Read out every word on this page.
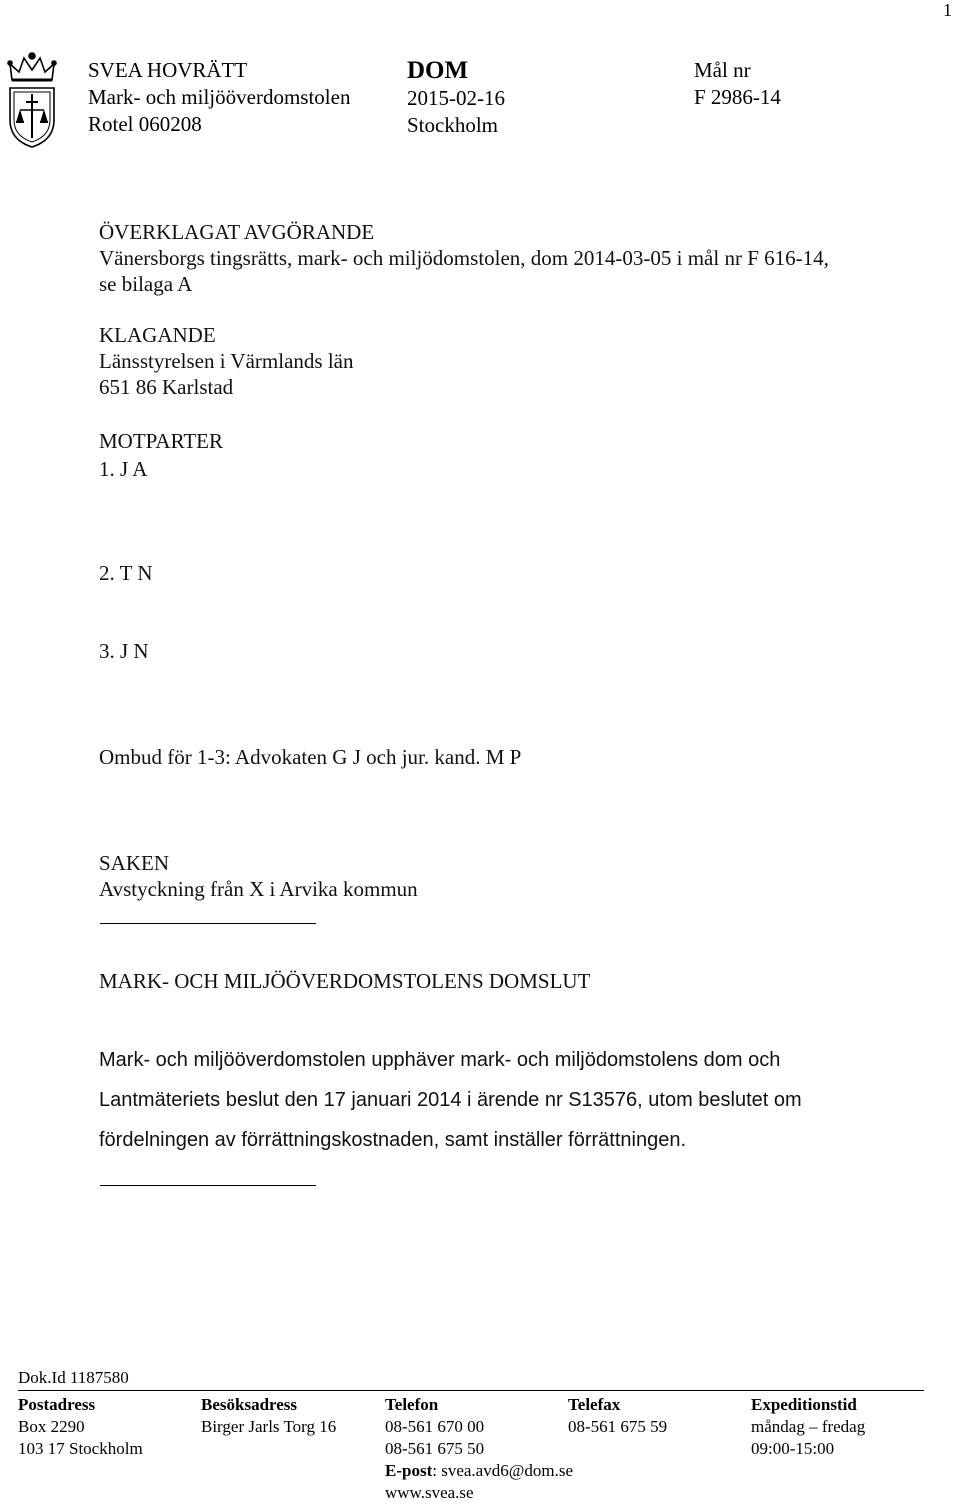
1
SVEA HOVRÄTT
Mark- och miljööverdomstolen
Rotel 060208
DOM
2015-02-16
Stockholm
Mål nr
F 2986-14
ÖVERKLAGAT AVGÖRANDE
Vänersborgs tingsrätts, mark- och miljödomstolen, dom 2014-03-05 i mål nr F 616-14,
se bilaga A
KLAGANDE
Länsstyrelsen i Värmlands län
651 86 Karlstad
MOTPARTER
1. J A
2. T N
3. J N
Ombud för 1-3: Advokaten G J och jur. kand. M P
SAKEN
Avstyckning från X i Arvika kommun
MARK- OCH MILJÖÖVERDOMSTOLENS DOMSLUT
Mark- och miljööverdomstolen upphäver mark- och miljödomstolens dom och
Lantmäteriets beslut den 17 januari 2014 i ärende nr S13576, utom beslutet om
fördelningen av förrättningskostnaden, samt inställer förrättningen.
Dok.Id 1187580
Postadress
Box 2290
103 17 Stockholm
Besöksadress
Birger Jarls Torg 16
Telefon
08-561 670 00
08-561 675 50
E-post: svea.avd6@dom.se
www.svea.se
Telefax
08-561 675 59
Expeditionstid
måndag – fredag
09:00-15:00
